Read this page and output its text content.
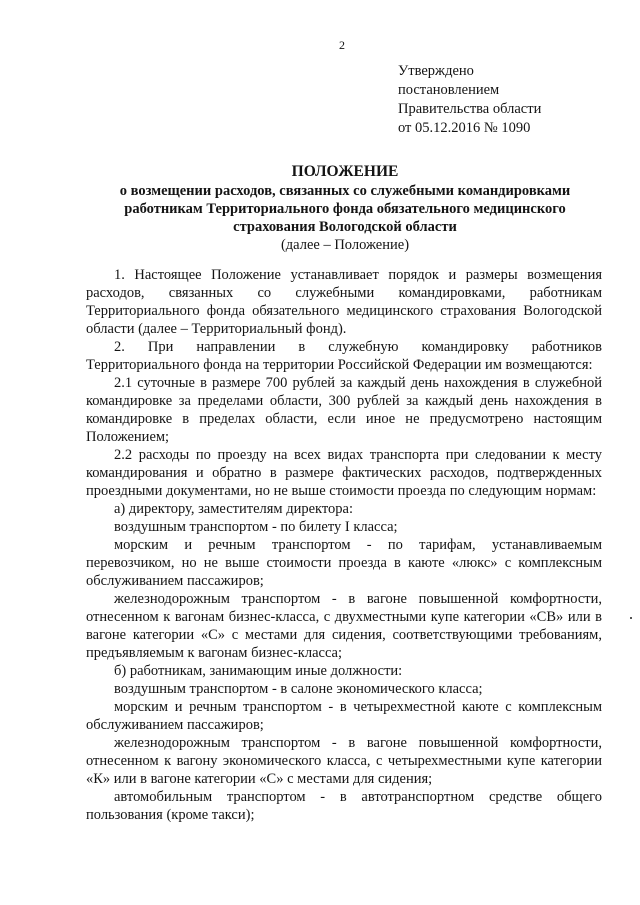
2
Утверждено
постановлением
Правительства области
от 05.12.2016 № 1090
ПОЛОЖЕНИЕ
о возмещении расходов, связанных со служебными командировками
работникам Территориального фонда обязательного медицинского
страхования Вологодской области
(далее – Положение)

1. Настоящее Положение устанавливает порядок и размеры возмещения расходов, связанных со служебными командировками, работникам Территориального фонда обязательного медицинского страхования Вологодской области (далее – Территориальный фонд).

2. При направлении в служебную командировку работников Территориального фонда на территории Российской Федерации им возмещаются:

2.1 суточные в размере 700 рублей за каждый день нахождения в служебной командировке за пределами области, 300 рублей за каждый день нахождения в командировке в пределах области, если иное не предусмотрено настоящим Положением;

2.2 расходы по проезду на всех видах транспорта при следовании к месту командирования и обратно в размере фактических расходов, подтвержденных проездными документами, но не выше стоимости проезда по следующим нормам:

а) директору, заместителям директора:

воздушным транспортом - по билету I класса;

морским и речным транспортом - по тарифам, устанавливаемым перевозчиком, но не выше стоимости проезда в каюте «люкс» с комплексным обслуживанием пассажиров;

железнодорожным транспортом - в вагоне повышенной комфортности, отнесенном к вагонам бизнес-класса, с двухместными купе категории «СВ» или в вагоне категории «С» с местами для сидения, соответствующими требованиям, предъявляемым к вагонам бизнес-класса;

б) работникам, занимающим иные должности:

воздушным транспортом - в салоне экономического класса;

морским и речным транспортом - в четырехместной каюте с комплексным обслуживанием пассажиров;

железнодорожным транспортом - в вагоне повышенной комфортности, отнесенном к вагону экономического класса, с четырехместными купе категории «К» или в вагоне категории «С» с местами для сидения;

автомобильным транспортом - в автотранспортном средстве общего пользования (кроме такси);
